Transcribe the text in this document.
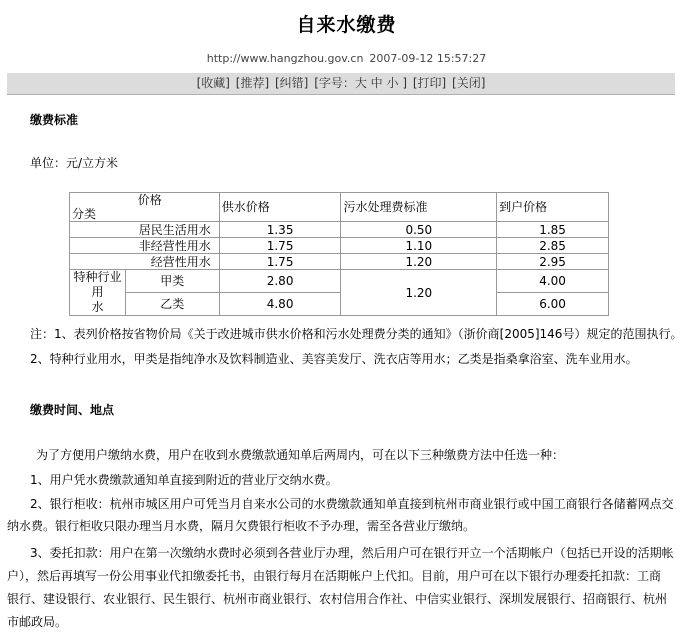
自来水缴费
http://www.hangzhou.gov.cn 2007-09-12 15:57:27
[收藏] [推荐] [纠错] [字号：大 中 小 ] [打印] [关闭]
缴费标准
单位：元/立方米
价格
分类		供水价格	污水处理费标准	到户价格
居民生活用水		1.35	0.50	1.85
非经营性用水		1.75	1.10	2.85
经营性用水		1.75	1.20	2.95
特种行业用
水	甲类	2.80	1.20	4.00
	乙类	4.80		6.00
注：1、表列价格按省物价局《关于改进城市供水价格和污水处理费分类的通知》（浙价商[2005]146号）规定的范围执行。
2、特种行业用水，甲类是指纯净水及饮料制造业、美容美发厅、洗衣店等用水；乙类是指桑拿浴室、洗车业用水。
缴费时间、地点
为了方便用户缴纳水费，用户在收到水费缴款通知单后两周内，可在以下三种缴费方法中任选一种：
1、用户凭水费缴款通知单直接到附近的营业厅交纳水费。
2、银行柜收：杭州市城区用户可凭当月自来水公司的水费缴款通知单直接到杭州市商业银行或中国工商银行各储蓄网点交
纳水费。银行柜收只限办理当月水费，隔月欠费银行柜收不予办理，需至各营业厅缴纳。
3、委托扣款：用户在第一次缴纳水费时必须到各营业厅办理，然后用户可在银行开立一个活期帐户（包括已开设的活期帐
户），然后再填写一份公用事业代扣缴委托书，由银行每月在活期帐户上代扣。目前，用户可在以下银行办理委托扣款：工商
银行、建设银行、农业银行、民生银行、杭州市商业银行、农村信用合作社、中信实业银行、深圳发展银行、招商银行、杭州
市邮政局。
